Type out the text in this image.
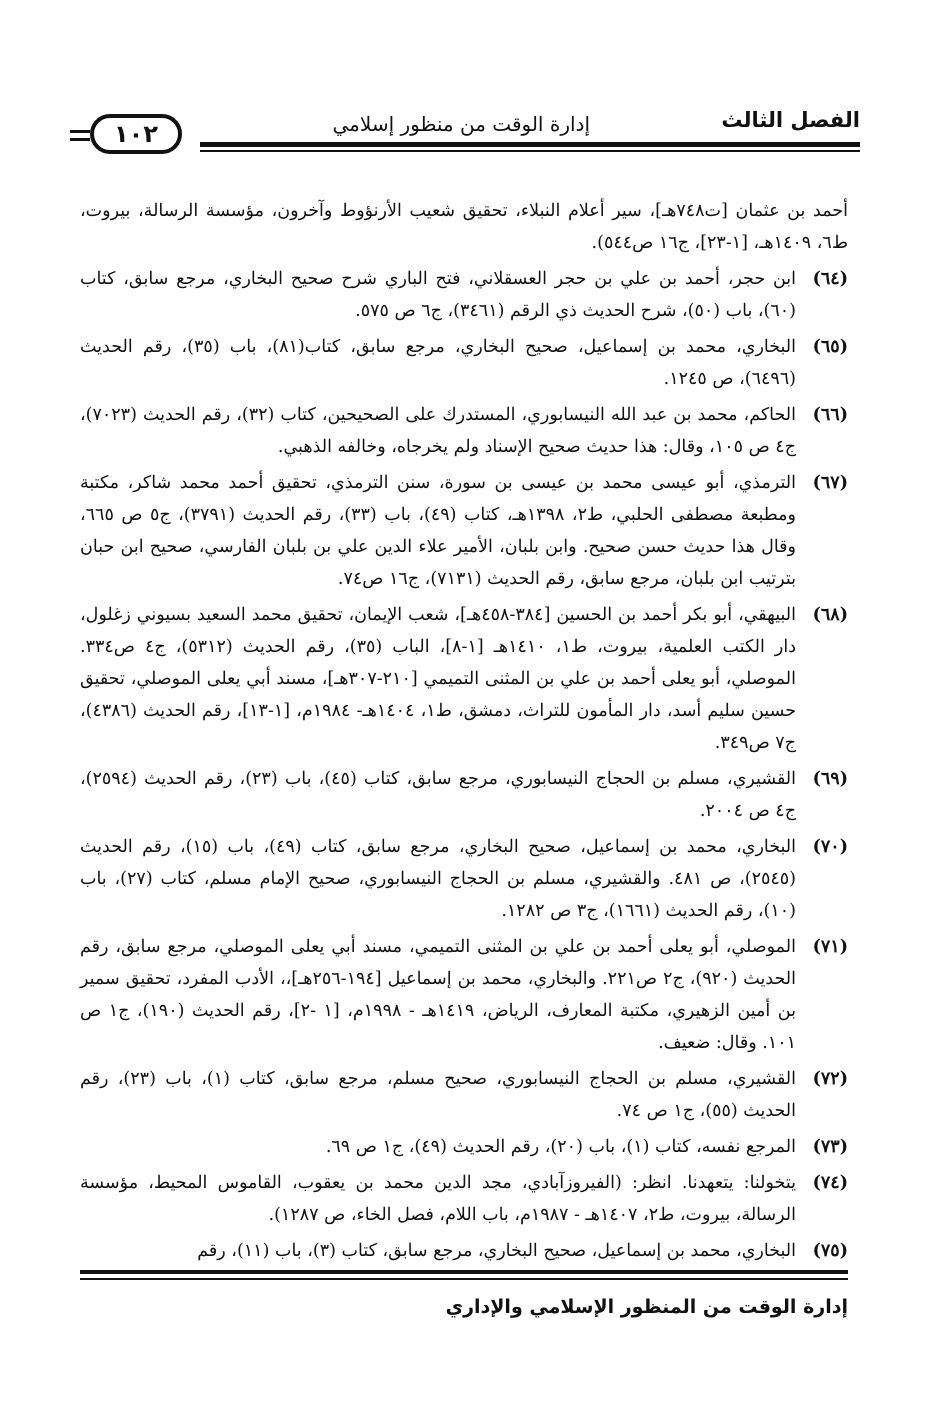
الفصل الثالث
إدارة الوقت من منظور إسلامي
١٠٢
أحمد بن عثمان [ت٧٤٨هـ]، سير أعلام النبلاء، تحقيق شعيب الأرنؤوط وآخرون، مؤسسة الرسالة، بيروت، ط٦، ١٤٠٩هـ، [١-٢٣]، ج١٦ ص٥٤٤).
(٦٤)
ابن حجر، أحمد بن علي بن حجر العسقلاني، فتح الباري شرح صحيح البخاري، مرجع سابق، كتاب (٦٠)، باب (٥٠)، شرح الحديث ذي الرقم (٣٤٦١)، ج٦ ص ٥٧٥.
(٦٥)
البخاري، محمد بن إسماعيل، صحيح البخاري، مرجع سابق، كتاب(٨١)، باب (٣٥)، رقم الحديث (٦٤٩٦)، ص ١٢٤٥.
(٦٦)
الحاكم، محمد بن عبد الله النيسابوري، المستدرك على الصحيحين، كتاب (٣٢)، رقم الحديث (٧٠٢٣)، ج٤ ص ١٠٥، وقال: هذا حديث صحيح الإسناد ولم يخرجاه، وخالفه الذهبي.
(٦٧)
الترمذي، أبو عيسى محمد بن عيسى بن سورة، سنن الترمذي، تحقيق أحمد محمد شاكر، مكتبة ومطبعة مصطفى الحلبي، ط٢، ١٣٩٨هـ، كتاب (٤٩)، باب (٣٣)، رقم الحديث (٣٧٩١)، ج٥ ص ٦٦٥، وقال هذا حديث حسن صحيح. وابن بلبان، الأمير علاء الدين علي بن بلبان الفارسي، صحيح ابن حبان بترتيب ابن بلبان، مرجع سابق، رقم الحديث (٧١٣١)، ج١٦ ص٧٤.
(٦٨)
البيهقي، أبو بكر أحمد بن الحسين [٣٨٤-٤٥٨هـ]، شعب الإيمان، تحقيق محمد السعيد بسيوني زغلول، دار الكتب العلمية، بيروت، ط١، ١٤١٠هـ [١-٨]، الباب (٣٥)، رقم الحديث (٥٣١٢)، ج٤ ص٣٣٤. الموصلي، أبو يعلى أحمد بن علي بن المثنى التميمي [٢١٠-٣٠٧هـ]، مسند أبي يعلى الموصلي، تحقيق حسين سليم أسد، دار المأمون للتراث، دمشق، ط١، ١٤٠٤هـ- ١٩٨٤م، [١-١٣]، رقم الحديث (٤٣٨٦)، ج٧ ص٣٤٩.
(٦٩)
القشيري، مسلم بن الحجاج النيسابوري، مرجع سابق، كتاب (٤٥)، باب (٢٣)، رقم الحديث (٢٥٩٤)، ج٤ ص ٢٠٠٤.
(٧٠)
البخاري، محمد بن إسماعيل، صحيح البخاري، مرجع سابق، كتاب (٤٩)، باب (١٥)، رقم الحديث (٢٥٤٥)، ص ٤٨١. والقشيري، مسلم بن الحجاج النيسابوري، صحيح الإمام مسلم، كتاب (٢٧)، باب (١٠)، رقم الحديث (١٦٦١)، ج٣ ص ١٢٨٢.
(٧١)
الموصلي، أبو يعلى أحمد بن علي بن المثنى التميمي، مسند أبي يعلى الموصلي، مرجع سابق، رقم الحديث (٩٢٠)، ج٢ ص٢٢١. والبخاري، محمد بن إسماعيل [١٩٤-٢٥٦هـ]،، الأدب المفرد، تحقيق سمير بن أمين الزهيري، مكتبة المعارف، الرياض، ١٤١٩هـ - ١٩٩٨م، [١ -٢]، رقم الحديث (١٩٠)، ج١ ص ١٠١. وقال: ضعيف.
(٧٢)
القشيري، مسلم بن الحجاج النيسابوري، صحيح مسلم، مرجع سابق، كتاب (١)، باب (٢٣)، رقم الحديث (٥٥)، ج١ ص ٧٤.
(٧٣)
المرجع نفسه، كتاب (١)، باب (٢٠)، رقم الحديث (٤٩)، ج١ ص ٦٩.
(٧٤)
يتخولنا: يتعهدنا. انظر: (الفيروزآبادي، مجد الدين محمد بن يعقوب، القاموس المحيط، مؤسسة الرسالة، بيروت، ط٢، ١٤٠٧هـ - ١٩٨٧م، باب اللام، فصل الخاء، ص ١٢٨٧).
(٧٥)
البخاري، محمد بن إسماعيل، صحيح البخاري، مرجع سابق، كتاب (٣)، باب (١١)، رقم
إدارة الوقت من المنظور الإسلامي والإداري
